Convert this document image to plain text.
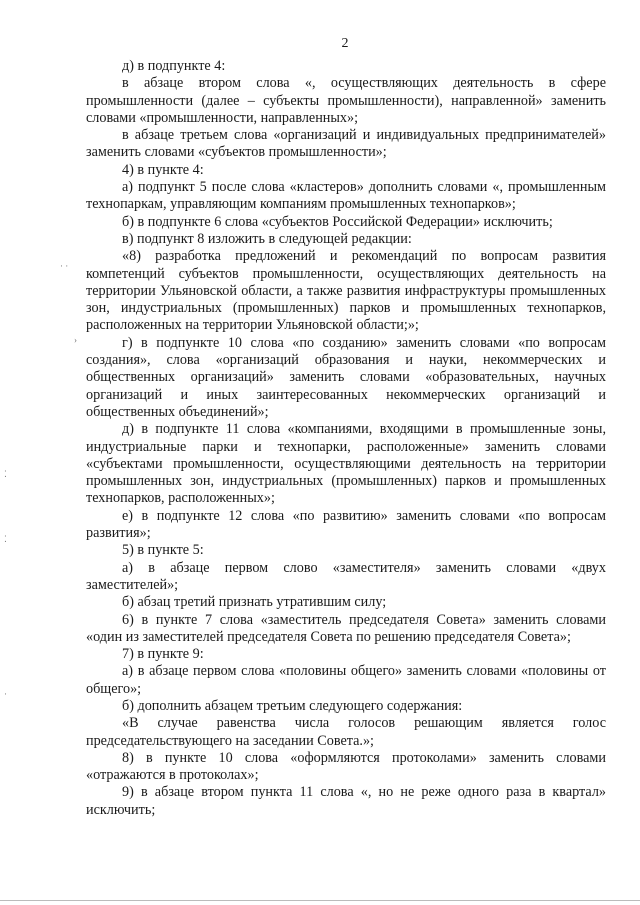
2

д) в подпункте 4:

в абзаце втором слова «, осуществляющих деятельность в сфере промышленности (далее – субъекты промышленности), направленной» заменить словами «промышленности, направленных»;

в абзаце третьем слова «организаций и индивидуальных предпринимателей» заменить словами «субъектов промышленности»;

4) в пункте 4:

а) подпункт 5 после слова «кластеров» дополнить словами «, промышленным технопаркам, управляющим компаниям промышленных технопарков»;

б) в подпункте 6 слова «субъектов Российской Федерации» исключить;

в) подпункт 8 изложить в следующей редакции:

«8) разработка предложений и рекомендаций по вопросам развития компетенций субъектов промышленности, осуществляющих деятельность на территории Ульяновской области, а также развития инфраструктуры промышленных зон, индустриальных (промышленных) парков и промышленных технопарков, расположенных на территории Ульяновской области;»;

г) в подпункте 10 слова «по созданию» заменить словами «по вопросам создания», слова «организаций образования и науки, некоммерческих и общественных организаций» заменить словами «образовательных, научных организаций и иных заинтересованных некоммерческих организаций и общественных объединений»;

д) в подпункте 11 слова «компаниями, входящими в промышленные зоны, индустриальные парки и технопарки, расположенные» заменить словами «субъектами промышленности, осуществляющими деятельность на территории промышленных зон, индустриальных (промышленных) парков и промышленных технопарков, расположенных»;

е) в подпункте 12 слова «по развитию» заменить словами «по вопросам развития»;

5) в пункте 5:

а) в абзаце первом слово «заместителя» заменить словами «двух заместителей»;

б) абзац третий признать утратившим силу;

6) в пункте 7 слова «заместитель председателя Совета» заменить словами «один из заместителей председателя Совета по решению председателя Совета»;

7) в пункте 9:

а) в абзаце первом слова «половины общего» заменить словами «половины от общего»;

б) дополнить абзацем третьим следующего содержания:

«В случае равенства числа голосов решающим является голос председательствующего на заседании Совета.»;

8) в пункте 10 слова «оформляются протоколами» заменить словами «отражаются в протоколах»;

9) в абзаце втором пункта 11 слова «, но не реже одного раза в квартал» исключить;

· ·
›
⁚
⁚
·
